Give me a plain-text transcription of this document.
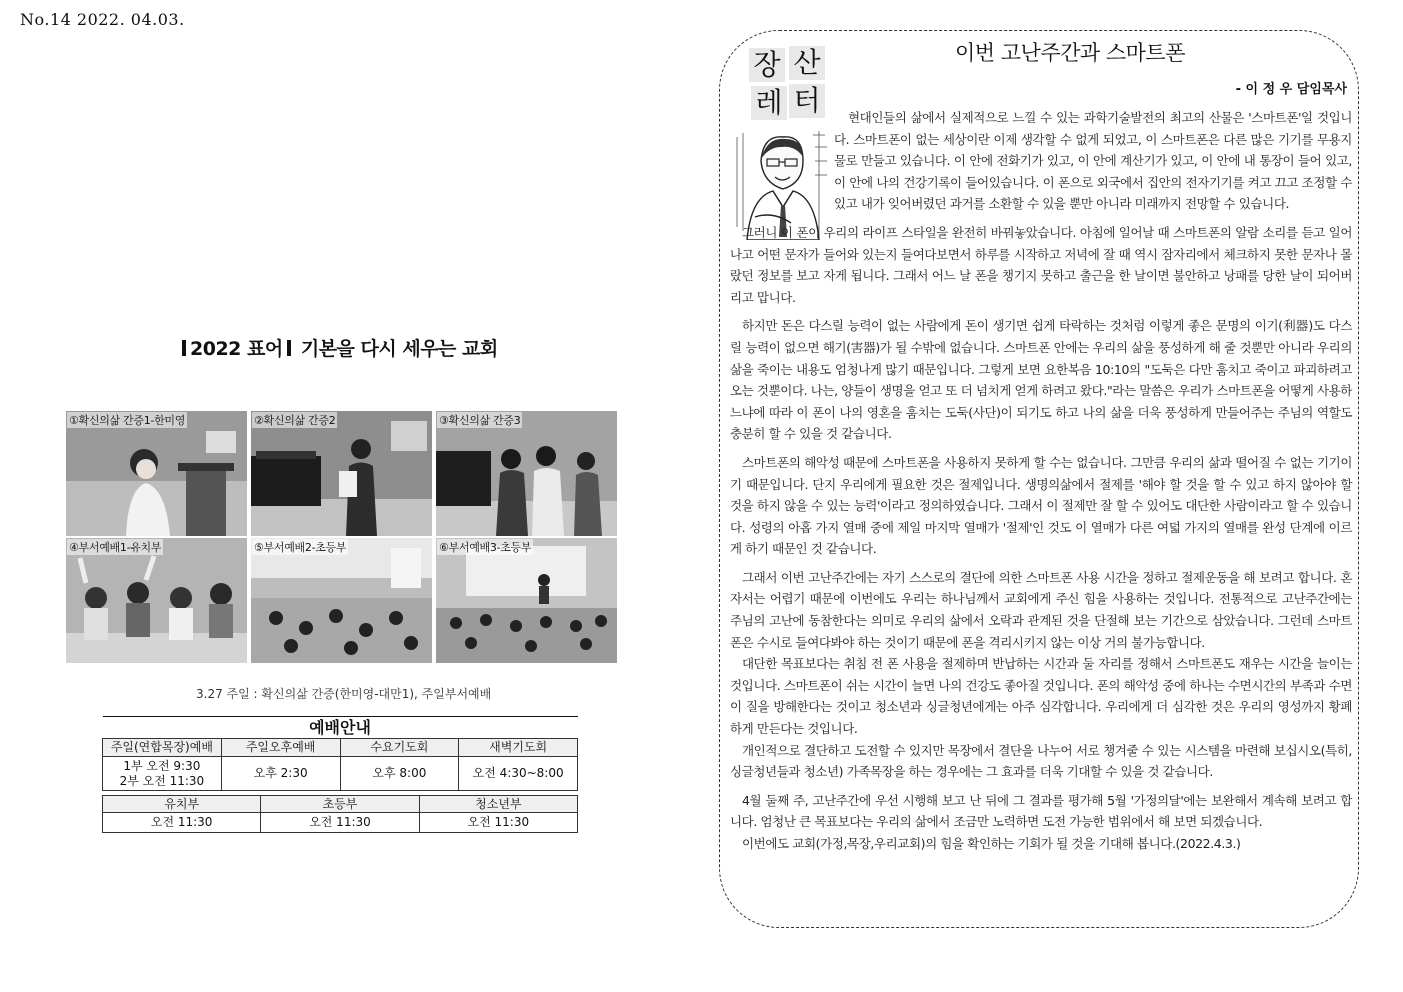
No.14 2022. 04.03.
2022 표어 기본을 다시 세우는 교회
①확신의삶 간증1-한미영	②확신의삶 간증2	③확신의삶 간증3
④부서예배1-유치부	⑤부서예배2-초등부	⑥부서예배3-초등부
3.27 주일 : 확신의삶 간증(한미영-대만1), 주일부서예배
예배안내			
주일(연합목장)예배	주일오후예배	수요기도회	새벽기도회

1부 오전 9:30
2부 오전 11:30	오후 2:30	오후 8:00	오전 4:30~8:00
유치부	초등부	청소년부
오전 11:30	오전 11:30	오전 11:30
장 산
레 터
이번 고난주간과 스마트폰
- 이 정 우 담임목사

현대인들의 삶에서 실제적으로 느낄 수 있는 과학기술발전의 최고의 산물은 '스마트폰'일 것입니다. 스마트폰이 없는 세상이란 이제 생각할 수 없게 되었고, 이 스마트폰은 다른 많은 기기를 무용지물로 만들고 있습니다. 이 안에 전화기가 있고, 이 안에 계산기가 있고, 이 안에 내 통장이 들어 있고, 이 안에 나의 건강기록이 들어있습니다. 이 폰으로 외국에서 집안의 전자기기를 켜고 끄고 조정할 수 있고 내가 잊어버렸던 과거를 소환할 수 있을 뿐만 아니라 미래까지 전망할 수 있습니다.

그러니 이 폰이 우리의 라이프 스타일을 완전히 바꿔놓았습니다. 아침에 일어날 때 스마트폰의 알람 소리를 듣고 일어나고 어떤 문자가 들어와 있는지 들여다보면서 하루를 시작하고 저녁에 잘 때 역시 잠자리에서 체크하지 못한 문자나 몰랐던 정보를 보고 자게 됩니다. 그래서 어느 날 폰을 챙기지 못하고 출근을 한 날이면 불안하고 낭패를 당한 날이 되어버리고 맙니다.

하지만 돈은 다스릴 능력이 없는 사람에게 돈이 생기면 쉽게 타락하는 것처럼 이렇게 좋은 문명의 이기(利器)도 다스릴 능력이 없으면 해기(害器)가 될 수밖에 없습니다. 스마트폰 안에는 우리의 삶을 풍성하게 해 줄 것뿐만 아니라 우리의 삶을 죽이는 내용도 엄청나게 많기 때문입니다. 그렇게 보면 요한복음 10:10의 "도둑은 다만 훔치고 죽이고 파괴하려고 오는 것뿐이다. 나는, 양들이 생명을 얻고 또 더 넘치게 얻게 하려고 왔다."라는 말씀은 우리가 스마트폰을 어떻게 사용하느냐에 따라 이 폰이 나의 영혼을 훔치는 도둑(사단)이 되기도 하고 나의 삶을 더욱 풍성하게 만들어주는 주님의 역할도 충분히 할 수 있을 것 같습니다.

스마트폰의 해악성 때문에 스마트폰을 사용하지 못하게 할 수는 없습니다. 그만큼 우리의 삶과 떨어질 수 없는 기기이기 때문입니다. 단지 우리에게 필요한 것은 절제입니다. 생명의삶에서 절제를 '해야 할 것을 할 수 있고 하지 않아야 할 것을 하지 않을 수 있는 능력'이라고 정의하였습니다. 그래서 이 절제만 잘 할 수 있어도 대단한 사람이라고 할 수 있습니다. 성령의 아홉 가지 열매 중에 제일 마지막 열매가 '절제'인 것도 이 열매가 다른 여덟 가지의 열매를 완성 단계에 이르게 하기 때문인 것 같습니다.

그래서 이번 고난주간에는 자기 스스로의 결단에 의한 스마트폰 사용 시간을 정하고 절제운동을 해 보려고 합니다. 혼자서는 어렵기 때문에 이번에도 우리는 하나님께서 교회에게 주신 힘을 사용하는 것입니다. 전통적으로 고난주간에는 주님의 고난에 동참한다는 의미로 우리의 삶에서 오락과 관계된 것을 단절해 보는 기간으로 삼았습니다. 그런데 스마트폰은 수시로 들여다봐야 하는 것이기 때문에 폰을 격리시키지 않는 이상 거의 불가능합니다.

대단한 목표보다는 취침 전 폰 사용을 절제하며 반납하는 시간과 둘 자리를 정해서 스마트폰도 재우는 시간을 늘이는 것입니다. 스마트폰이 쉬는 시간이 늘면 나의 건강도 좋아질 것입니다. 폰의 해악성 중에 하나는 수면시간의 부족과 수면이 질을 방해한다는 것이고 청소년과 싱글청년에게는 아주 심각합니다. 우리에게 더 심각한 것은 우리의 영성까지 황폐하게 만든다는 것입니다.

개인적으로 결단하고 도전할 수 있지만 목장에서 결단을 나누어 서로 챙겨줄 수 있는 시스템을 마련해 보십시오(특히, 싱글청년들과 청소년) 가족목장을 하는 경우에는 그 효과를 더욱 기대할 수 있을 것 같습니다.

4월 둘째 주, 고난주간에 우선 시행해 보고 난 뒤에 그 결과를 평가해 5월 '가정의달'에는 보완해서 계속해 보려고 합니다. 엄청난 큰 목표보다는 우리의 삶에서 조금만 노력하면 도전 가능한 범위에서 해 보면 되겠습니다.

이번에도 교회(가정,목장,우리교회)의 힘을 확인하는 기회가 될 것을 기대해 봅니다.(2022.4.3.)
